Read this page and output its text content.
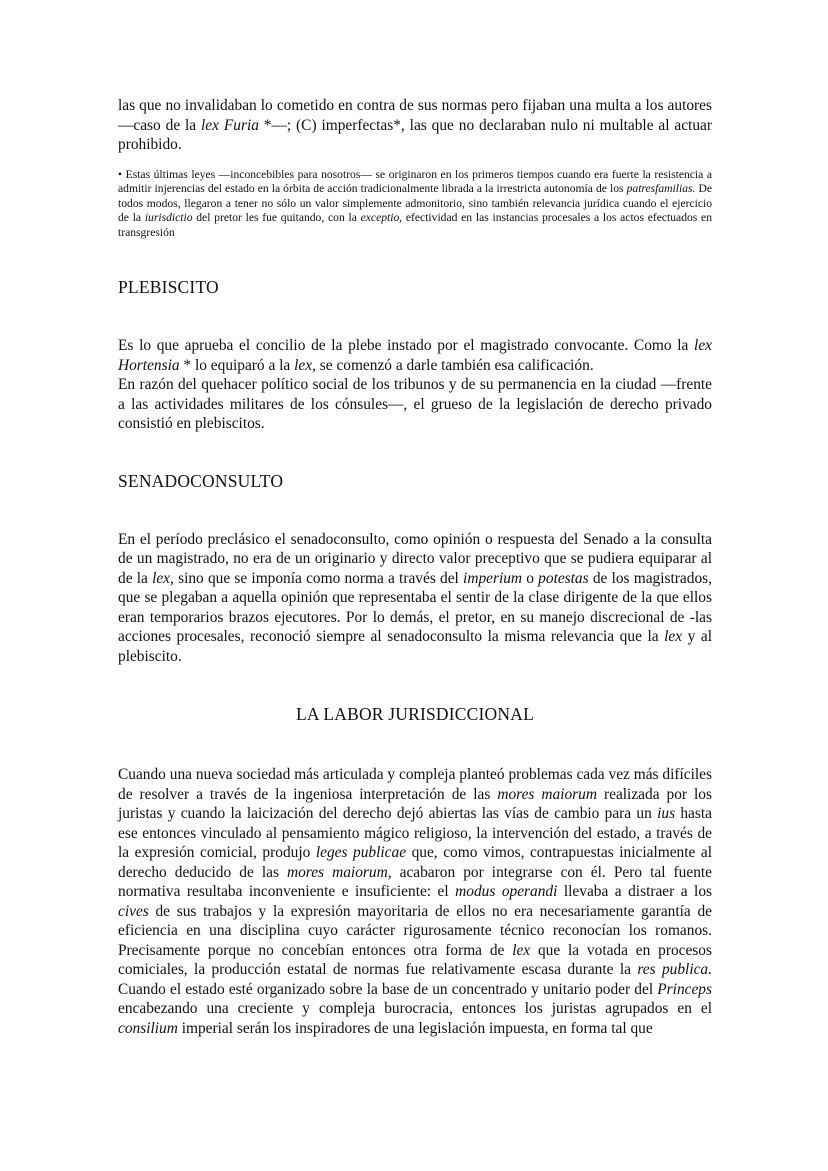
las que no invalidaban lo cometido en contra de sus normas pero fijaban una multa a los autores —caso de la lex Furia *—; (C) imperfectas*, las que no declaraban nulo ni multable al actuar prohibido.

• Estas últimas leyes —inconcebibles para nosotros— se originaron en los primeros tiempos cuando era fuerte la resistencia a admitir injerencias del estado en la órbita de acción tradicionalmente librada a la irrestricta autonomía de los patresfamilias. De todos modos, llegaron a tener no sólo un valor simplemente admonitorio, sino también relevancia jurídica cuando el ejercicio de la iurisdictio del pretor les fue quitando, con la exceptio, efectividad en las instancias procesales a los actos efectuados en transgresión

PLEBISCITO

Es lo que aprueba el concilio de la plebe instado por el magistrado convocante. Como la lex Hortensia * lo equiparó a la lex, se comenzó a darle también esa calificación.

En razón del quehacer político social de los tribunos y de su permanencia en la ciudad —frente a las actividades militares de los cónsules—, el grueso de la legislación de derecho privado consistió en plebiscitos.

SENADOCONSULTO

En el período preclásico el senadoconsulto, como opinión o respuesta del Senado a la consulta de un magistrado, no era de un originario y directo valor preceptivo que se pudiera equiparar al de la lex, sino que se imponía como norma a través del imperium o potestas de los magistrados, que se plegaban a aquella opinión que representaba el sentir de la clase dirigente de la que ellos eran temporarios brazos ejecutores. Por lo demás, el pretor, en su manejo discrecional de -las acciones procesales, reconoció siempre al senadoconsulto la misma relevancia que la lex y al plebiscito.

LA LABOR JURISDICCIONAL

Cuando una nueva sociedad más articulada y compleja planteó problemas cada vez más difíciles de resolver a través de la ingeniosa interpretación de las mores maiorum realizada por los juristas y cuando la laicización del derecho dejó abiertas las vías de cambio para un ius hasta ese entonces vinculado al pensamiento mágico religioso, la intervención del estado, a través de la expresión comicial, produjo leges publicae que, como vimos, contrapuestas inicialmente al derecho deducido de las mores maiorum, acabaron por integrarse con él. Pero tal fuente normativa resultaba inconveniente e insuficiente: el modus operandi llevaba a distraer a los cives de sus trabajos y la expresión mayoritaria de ellos no era necesariamente garantía de eficiencia en una disciplina cuyo carácter rigurosamente técnico reconocían los romanos. Precisamente porque no concebían entonces otra forma de lex que la votada en procesos comiciales, la producción estatal de normas fue relativamente escasa durante la res publica. Cuando el estado esté organizado sobre la base de un concentrado y unitario poder del Princeps encabezando una creciente y compleja burocracia, entonces los juristas agrupados en el consilium imperial serán los inspiradores de una legislación impuesta, en forma tal que
